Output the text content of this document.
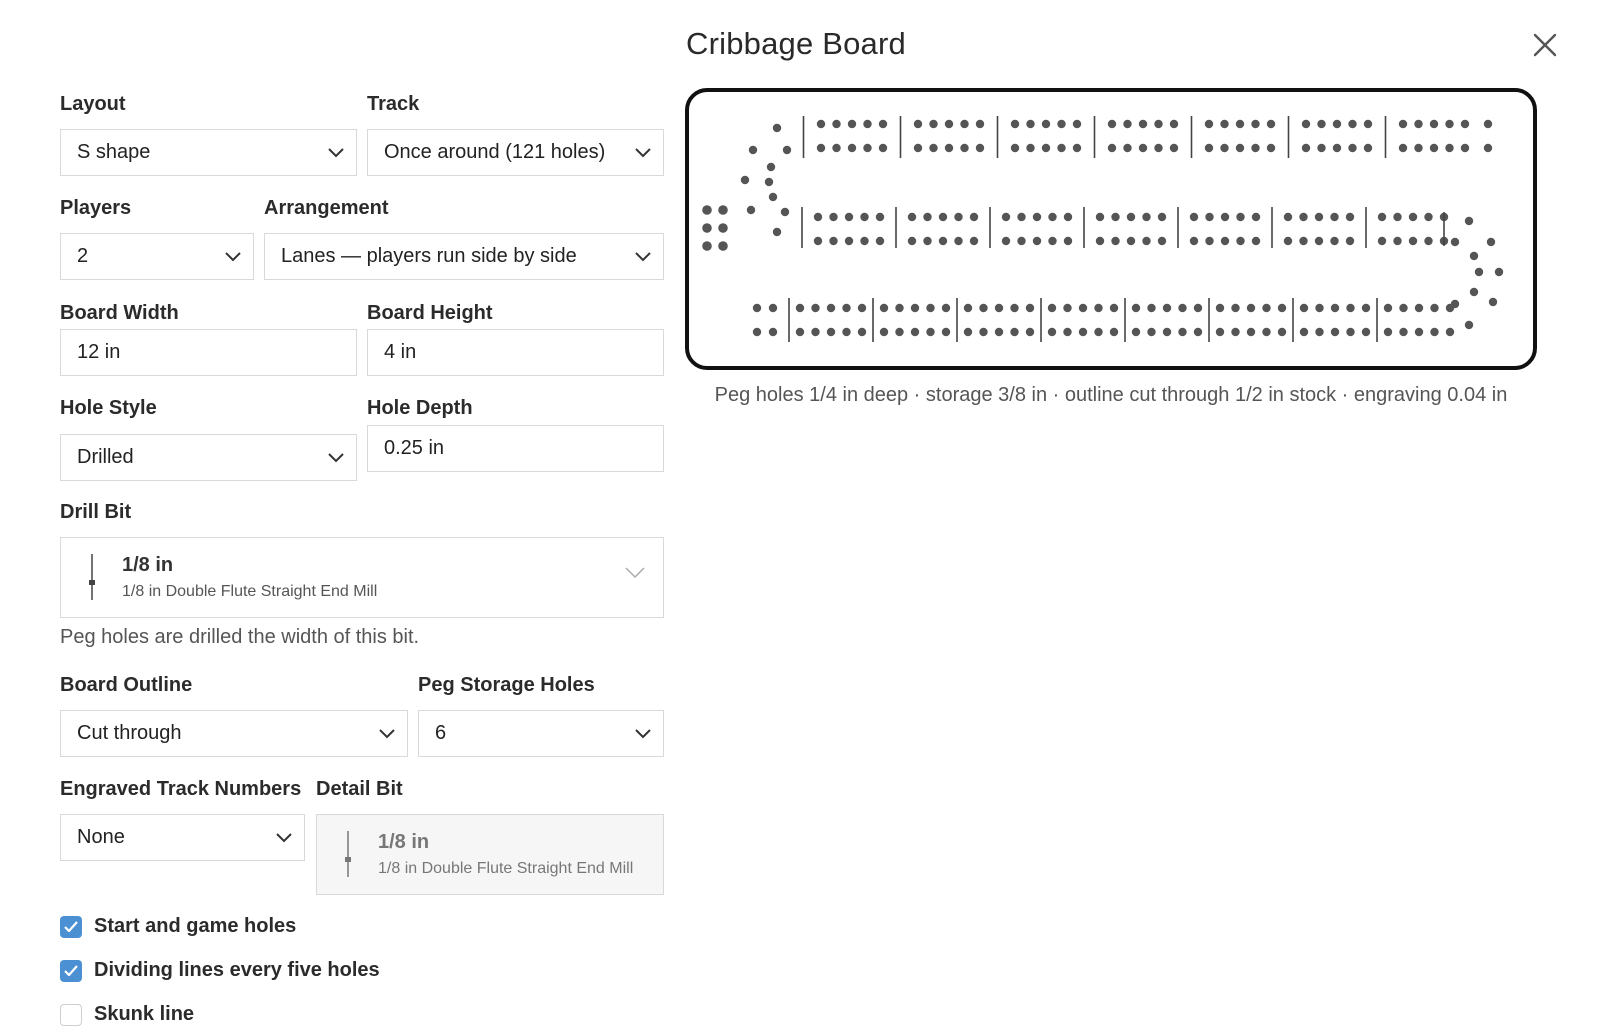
Cribbage Board
Layout
S shape
Track
Once around (121 holes)
Players
2
Arrangement
Lanes — players run side by side
Board Width
12 in
Board Height
4 in
Hole Style
Drilled
Hole Depth
0.25 in
Drill Bit
1/8 in
1/8 in Double Flute Straight End Mill
Peg holes are drilled the width of this bit.
Board Outline
Cut through
Peg Storage Holes
6
Engraved Track Numbers
None
Detail Bit
1/8 in
1/8 in Double Flute Straight End Mill
Start and game holes
Dividing lines every five holes
Skunk line
Peg holes 1/4 in deep · storage 3/8 in · outline cut through 1/2 in stock · engraving 0.04 in
